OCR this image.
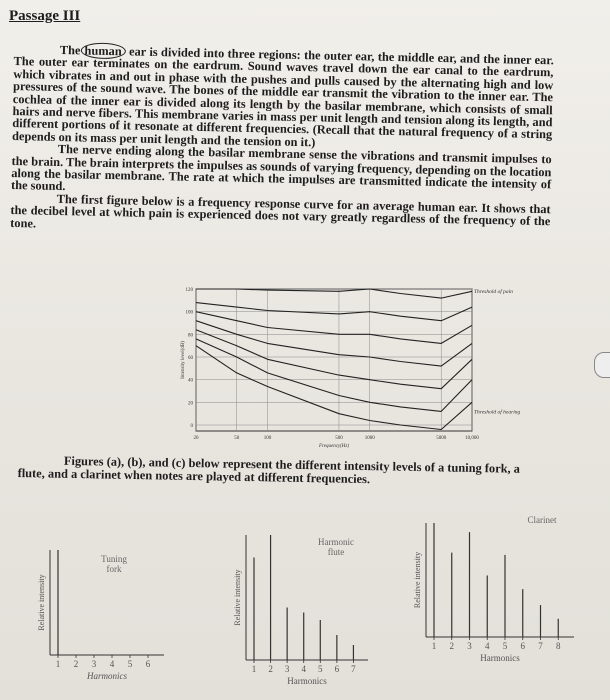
Passage III

The human ear is divided into three regions: the outer ear, the middle ear, and the inner ear. The outer ear terminates on the eardrum. Sound waves travel down the ear canal to the eardrum, which vibrates in and out in phase with the pushes and pulls caused by the alternating high and low pressures of the sound wave. The bones of the middle ear transmit the vibration to the inner ear. The cochlea of the inner ear is divided along its length by the basilar membrane, which consists of small hairs and nerve fibers. This membrane varies in mass per unit length and tension along its length, and different portions of it resonate at different frequencies. (Recall that the natural frequency of a string depends on its mass per unit length and the tension on it.)

The nerve ending along the basilar membrane sense the vibrations and transmit impulses to the brain. The brain interprets the impulses as sounds of varying frequency, depending on the location along the basilar membrane. The rate at which the impulses are transmitted indicate the intensity of the sound.

The first figure below is a frequency response curve for an average human ear. It shows that the decibel level at which pain is experienced does not vary greatly regardless of the frequency of the tone.

0
20
40
60
80
100
120
20	50	100	500	1000	5000	10,000
Frequency(Hz)
Intensity level(dB)
Threshold of pain
Threshold of hearing

Figures (a), (b), and (c) below represent the different intensity levels of a tuning fork, a flute, and a clarinet when notes are played at different frequencies.

1 2 3 4 5 6
Harmonics
Relative intensity
Tuning
fork
1 2 3 4 5 6 7
Harmonics
Relative intensity
Harmonic
flute
1 2 3 4 5 6 7 8
Harmonics
Relative intensity
Clarinet
